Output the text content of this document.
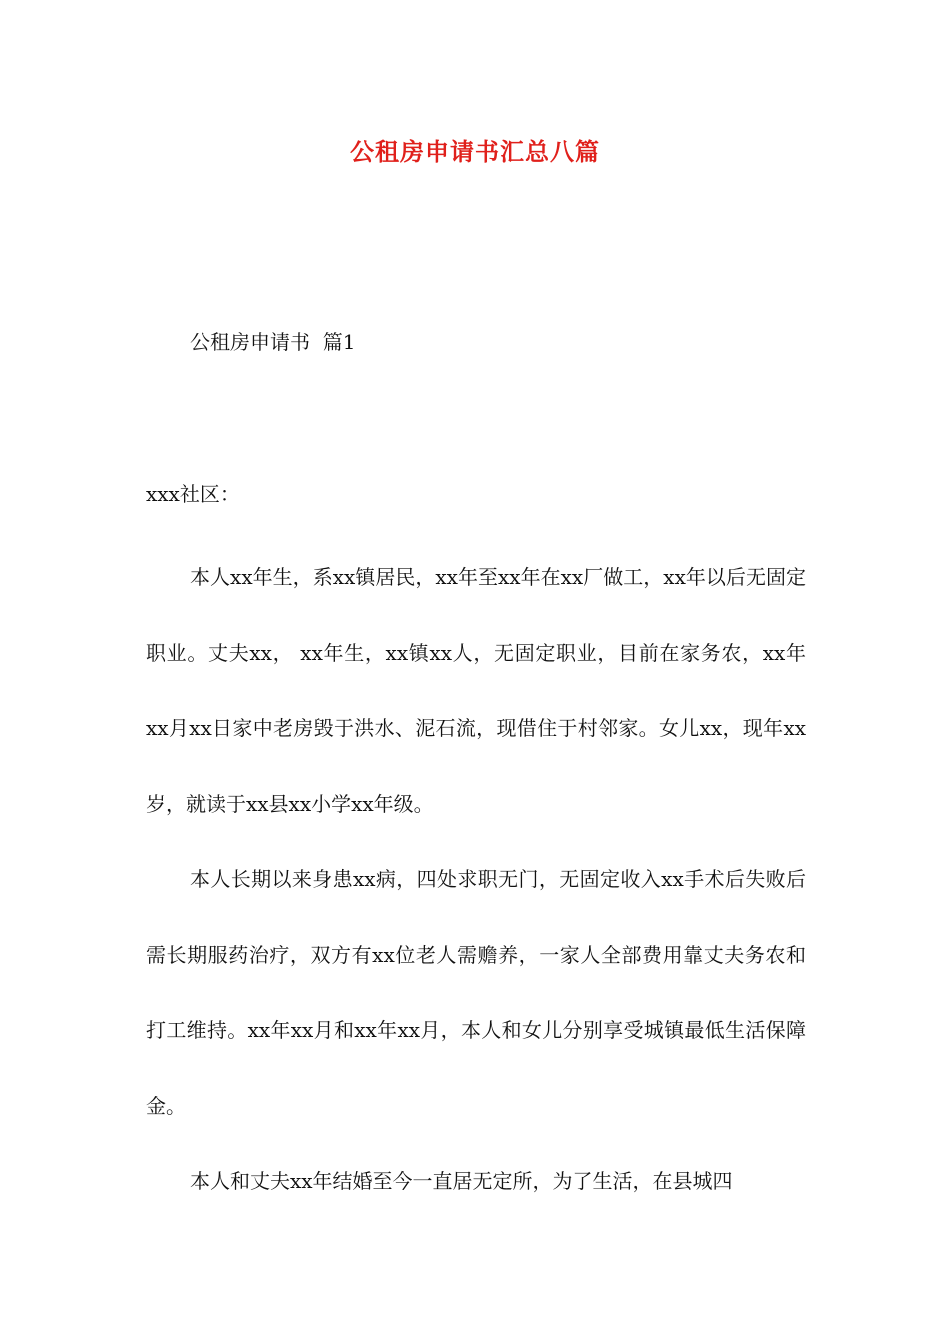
公租房申请书汇总八篇
公租房申请书  篇1
xxx社区：

本人xx年生，系xx镇居民，xx年至xx年在xx厂做工，xx年以后无固定职业。丈夫xx， xx年生，xx镇xx人，无固定职业，目前在家务农，xx年xx月xx日家中老房毁于洪水、泥石流，现借住于村邻家。女儿xx，现年xx岁，就读于xx县xx小学xx年级。

本人长期以来身患xx病，四处求职无门，无固定收入xx手术后失败后需长期服药治疗，双方有xx位老人需赡养，一家人全部费用靠丈夫务农和打工维持。xx年xx月和xx年xx月，本人和女儿分别享受城镇最低生活保障金。

本人和丈夫xx年结婚至今一直居无定所，为了生活，在县城四
